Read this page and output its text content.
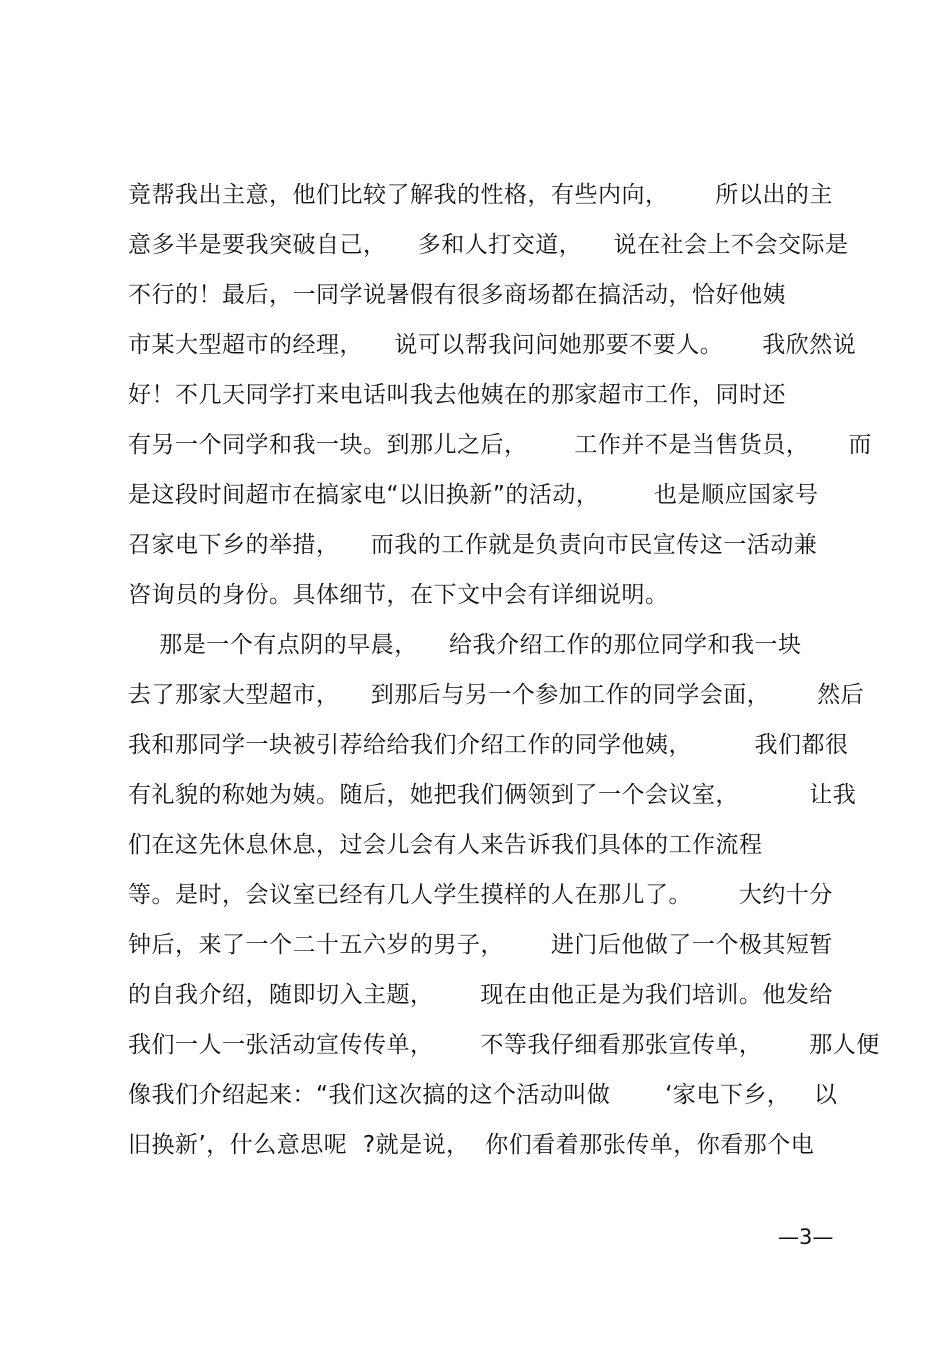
竟帮我出主意，他们比较了解我的性格，有些内向，      所以出的主
意多半是要我突破自己，    多和人打交道，    说在社会上不会交际是
不行的！最后，一同学说暑假有很多商场都在搞活动，恰好他姨
市某大型超市的经理，    说可以帮我问问她那要不要人。     我欣然说
好！不几天同学打来电话叫我去他姨在的那家超市工作，同时还
有另一个同学和我一块。到那儿之后，      工作并不是当售货员，     而
是这段时间超市在搞家电“以旧换新”的活动，       也是顺应国家号
召家电下乡的举措，    而我的工作就是负责向市民宣传这一活动兼
咨询员的身份。具体细节，在下文中会有详细说明。
那是一个有点阴的早晨，    给我介绍工作的那位同学和我一块
去了那家大型超市，    到那后与另一个参加工作的同学会面，      然后
我和那同学一块被引荐给给我们介绍工作的同学他姨，        我们都很
有礼貌的称她为姨。随后，她把我们俩领到了一个会议室，         让我
们在这先休息休息，过会儿会有人来告诉我们具体的工作流程
等。是时，会议室已经有几人学生摸样的人在那儿了。      大约十分
钟后，来了一个二十五六岁的男子，      进门后他做了一个极其短暂
的自我介绍，随即切入主题，      现在由他正是为我们培训。他发给
我们一人一张活动宣传传单，      不等我仔细看那张宣传单，      那人便
像我们介绍起来：“我们这次搞的这个活动叫做       ‘家电下乡，   以
旧换新’，什么意思呢  ?就是说，  你们看着那张传单，你看那个电
—3—
